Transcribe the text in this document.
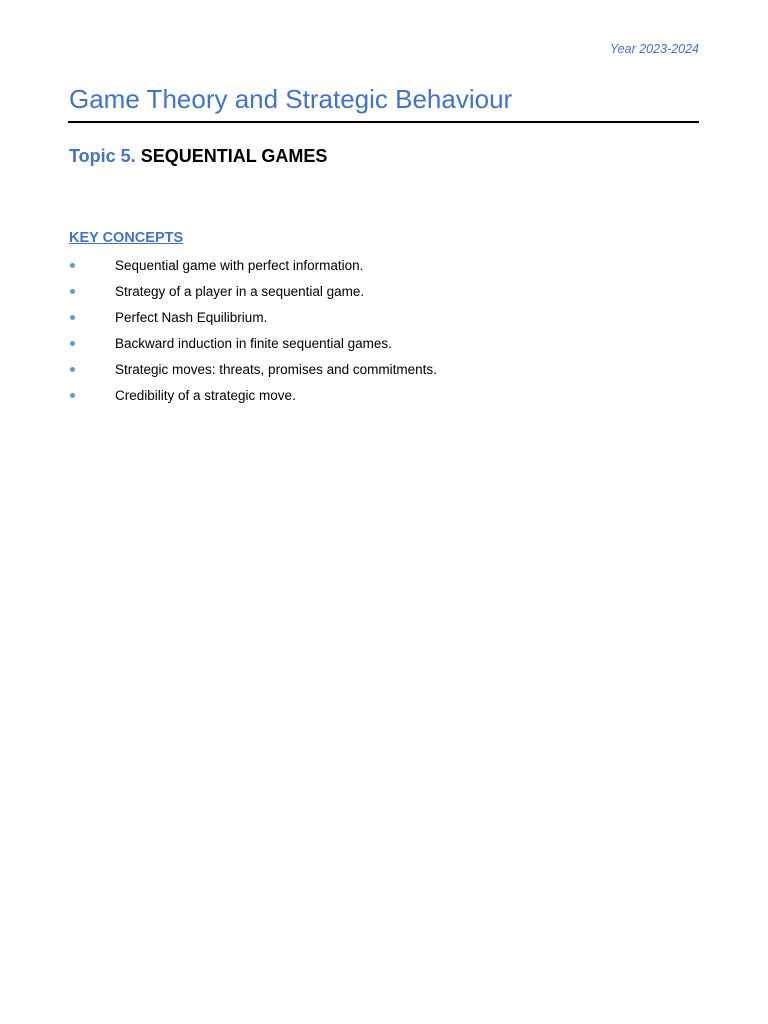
Year 2023-2024
Game Theory and Strategic Behaviour
Topic 5. SEQUENTIAL GAMES
KEY CONCEPTS
Sequential game with perfect information.
Strategy of a player in a sequential game.
Perfect Nash Equilibrium.
Backward induction in finite sequential games.
Strategic moves: threats, promises and commitments.
Credibility of a strategic move.
